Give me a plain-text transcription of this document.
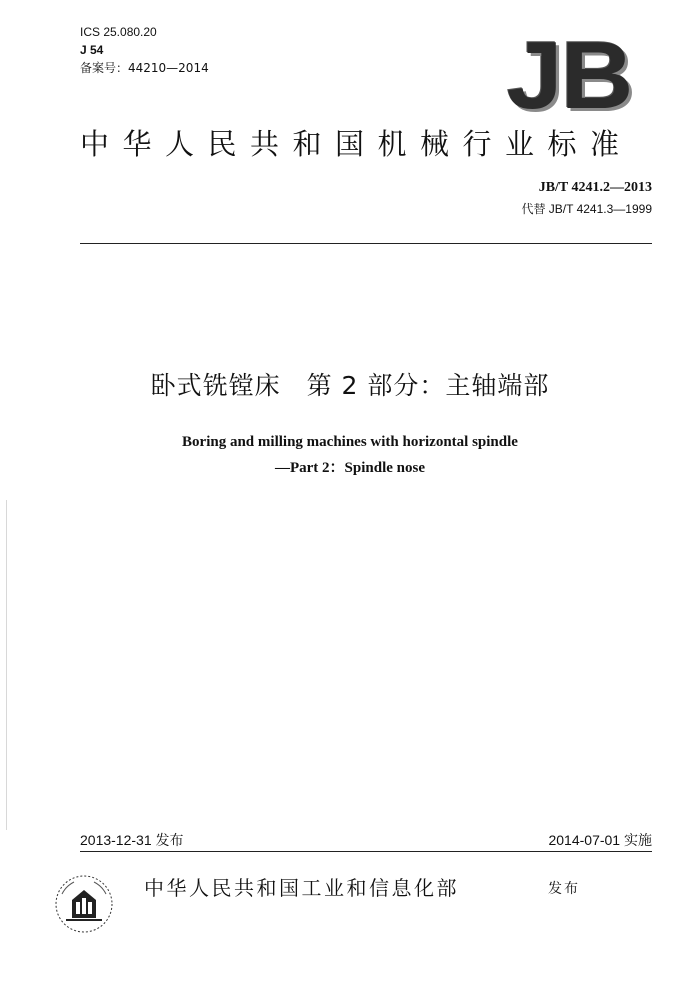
ICS 25.080.20
J 54
备案号：44210—2014	JB
中华人民共和国机械行业标准
JB/T 4241.2—2013
代替 JB/T 4241.3—1999
卧式铣镗床　第 2 部分：主轴端部
Boring and milling machines with horizontal spindle
—Part 2：Spindle nose
2013-12-31 发布	2014-07-01 实施
中华人民共和国工业和信息化部	发布
